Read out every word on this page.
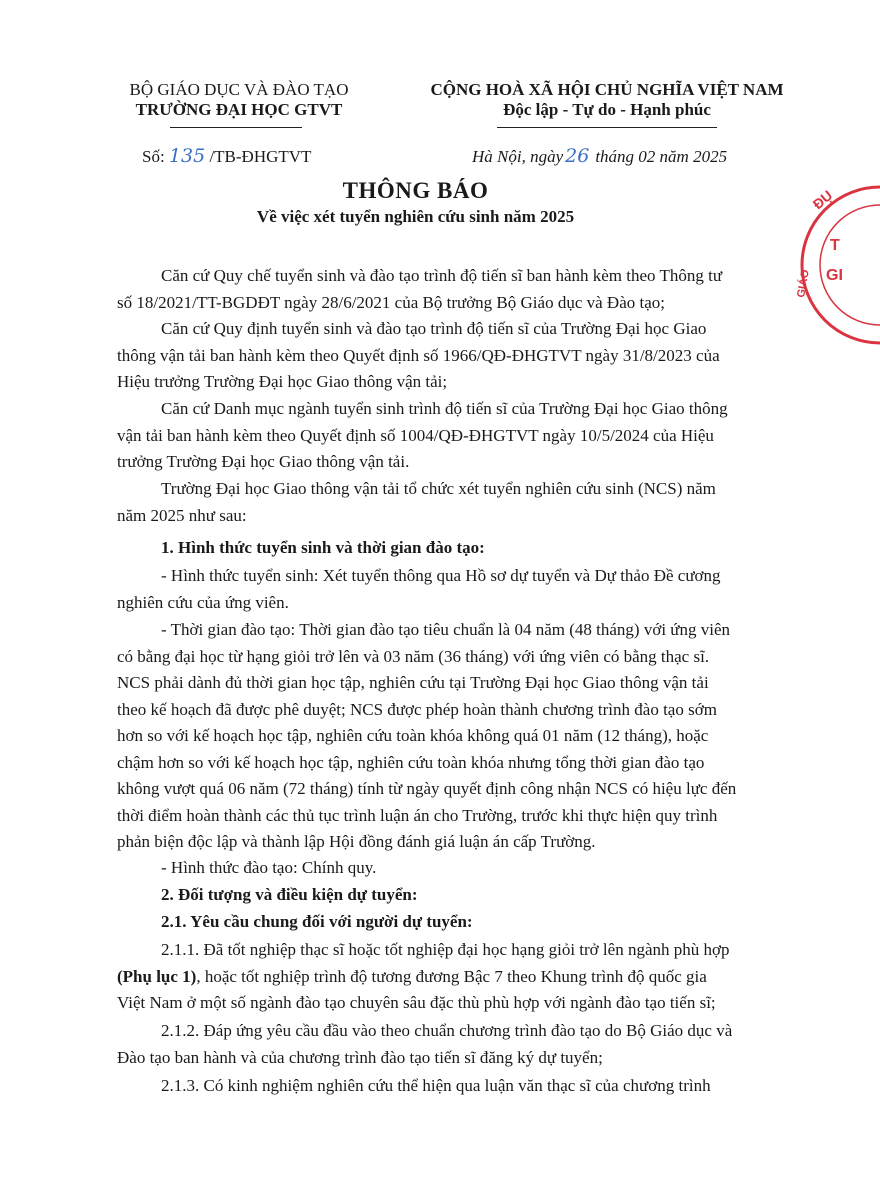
BỘ GIÁO DỤC VÀ ĐÀO TẠO
TRƯỜNG ĐẠI HỌC GTVT
CỘNG HOÀ XÃ HỘI CHỦ NGHĨA VIỆT NAM
Độc lập - Tự do - Hạnh phúc
Số: 135 /TB-ĐHGTVT	Hà Nội, ngày 26 tháng 02 năm 2025
THÔNG BÁO
Về việc xét tuyển nghiên cứu sinh năm 2025
ĐỤ
T
GI
GIÁO
Căn cứ Quy chế tuyển sinh và đào tạo trình độ tiến sĩ ban hành kèm theo Thông tư
số 18/2021/TT-BGDĐT ngày 28/6/2021 của Bộ trưởng Bộ Giáo dục và Đào tạo;
Căn cứ Quy định tuyển sinh và đào tạo trình độ tiến sĩ của Trường Đại học Giao
thông vận tải ban hành kèm theo Quyết định số 1966/QĐ-ĐHGTVT ngày 31/8/2023 của
Hiệu trưởng Trường Đại học Giao thông vận tải;
Căn cứ Danh mục ngành tuyển sinh trình độ tiến sĩ của Trường Đại học Giao thông
vận tải ban hành kèm theo Quyết định số 1004/QĐ-ĐHGTVT ngày 10/5/2024 của Hiệu
trưởng Trường Đại học Giao thông vận tải.
Trường Đại học Giao thông vận tải tổ chức xét tuyển nghiên cứu sinh (NCS) năm
năm 2025 như sau:
1. Hình thức tuyển sinh và thời gian đào tạo:
- Hình thức tuyển sinh: Xét tuyển thông qua Hồ sơ dự tuyển và Dự thảo Đề cương
nghiên cứu của ứng viên.
- Thời gian đào tạo: Thời gian đào tạo tiêu chuẩn là 04 năm (48 tháng) với ứng viên
có bằng đại học từ hạng giỏi trở lên và 03 năm (36 tháng) với ứng viên có bằng thạc sĩ.
NCS phải dành đủ thời gian học tập, nghiên cứu tại Trường Đại học Giao thông vận tải
theo kế hoạch đã được phê duyệt; NCS được phép hoàn thành chương trình đào tạo sớm
hơn so với kế hoạch học tập, nghiên cứu toàn khóa không quá 01 năm (12 tháng), hoặc
chậm hơn so với kế hoạch học tập, nghiên cứu toàn khóa nhưng tổng thời gian đào tạo
không vượt quá 06 năm (72 tháng) tính từ ngày quyết định công nhận NCS có hiệu lực đến
thời điểm hoàn thành các thủ tục trình luận án cho Trường, trước khi thực hiện quy trình
phản biện độc lập và thành lập Hội đồng đánh giá luận án cấp Trường.
- Hình thức đào tạo: Chính quy.
2. Đối tượng và điều kiện dự tuyển:
2.1. Yêu cầu chung đối với người dự tuyển:
2.1.1. Đã tốt nghiệp thạc sĩ hoặc tốt nghiệp đại học hạng giỏi trở lên ngành phù hợp
(Phụ lục 1), hoặc tốt nghiệp trình độ tương đương Bậc 7 theo Khung trình độ quốc gia
Việt Nam ở một số ngành đào tạo chuyên sâu đặc thù phù hợp với ngành đào tạo tiến sĩ;
2.1.2. Đáp ứng yêu cầu đầu vào theo chuẩn chương trình đào tạo do Bộ Giáo dục và
Đào tạo ban hành và của chương trình đào tạo tiến sĩ đăng ký dự tuyển;
2.1.3. Có kinh nghiệm nghiên cứu thể hiện qua luận văn thạc sĩ của chương trình
